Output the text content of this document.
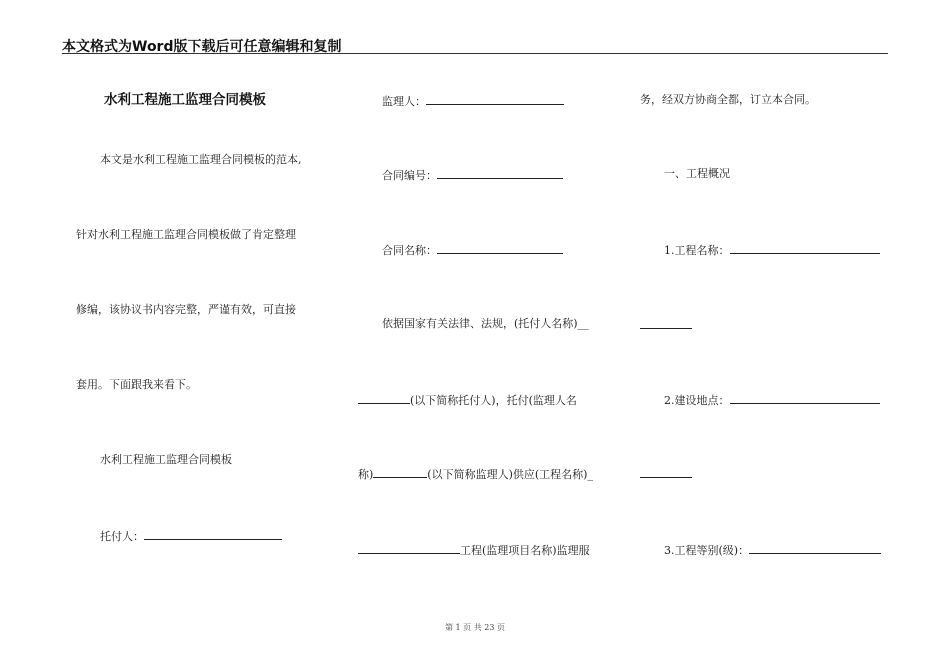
本文格式为Word版下载后可任意编辑和复制
水利工程施工监理合同模板
本文是水利工程施工监理合同模板的范本,
针对水利工程施工监理合同模板做了肯定整理
修编，该协议书内容完整，严谨有效，可直接
套用。下面跟我来看下。
水利工程施工监理合同模板
托付人：
监理人：
合同编号：
合同名称：
依据国家有关法律、法规，(托付人名称)__
(以下简称托付人)，托付(监理人名
称)	(以下简称监理人)供应(工程名称)_
工程(监理项目名称)监理服
务，经双方协商全都，订立本合同。
一、工程概况
1.工程名称：
2.建设地点：
3.工程等别(级)：
第 1 页 共 23 页
